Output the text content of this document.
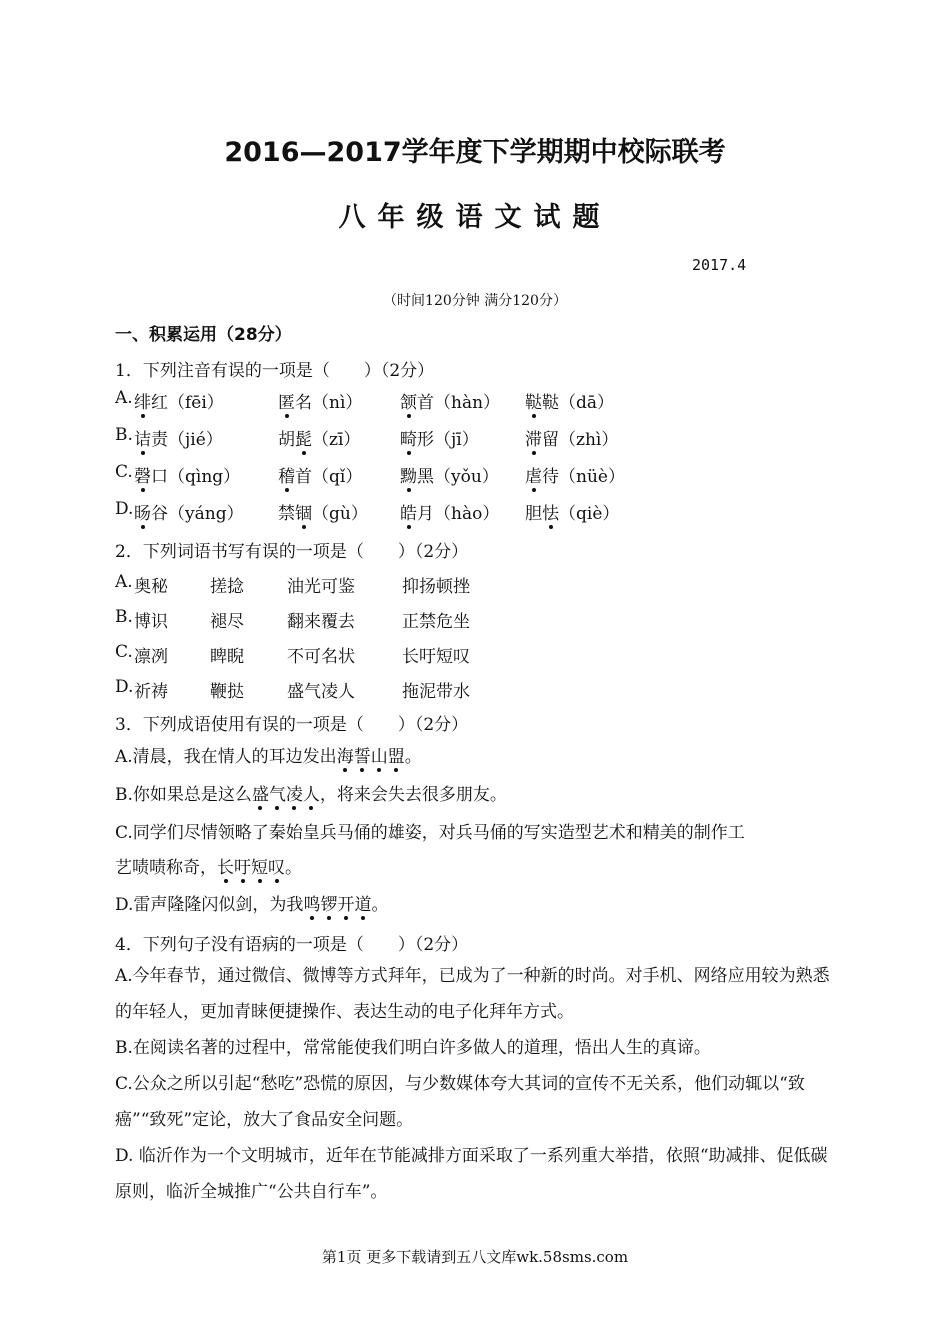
2016—2017学年度下学期期中校际联考
八年级语文试题
2017.4
（时间120分钟 满分120分）
一、积累运用（28分）
1．下列注音有误的一项是（　　）（2分）
A. 绯红（fēi）	匿名（nì） 颔首（hàn） 鞑鞑（dā）
B. 诘责（jié）	胡髭（zī） 畸形（jī）	滞留（zhì）
C. 磬口（qìng） 稽首（qǐ） 黝黑（yǒu） 虐待（nüè）
D. 旸谷（yáng） 禁锢（gù） 皓月（hào） 胆怯（qiè）
2．下列词语书写有误的一项是（　　）（2分）
A. 奥秘 搓捻	油光可鉴	抑扬顿挫
B. 博识 褪尽	翻来覆去	正禁危坐
C. 凛冽 睥睨	不可名状	长吁短叹
D. 祈祷 鞭挞	盛气凌人	拖泥带水
3．下列成语使用有误的一项是（　　）（2分）
A.清晨，我在情人的耳边发出海誓山盟。
B.你如果总是这么盛气凌人，将来会失去很多朋友。
C.同学们尽情领略了秦始皇兵马俑的雄姿，对兵马俑的写实造型艺术和精美的制作工
艺啧啧称奇，长吁短叹。
D.雷声隆隆闪似剑，为我鸣锣开道。
4．下列句子没有语病的一项是（　　）（2分）
A.今年春节，通过微信、微博等方式拜年，已成为了一种新的时尚。对手机、网络应用较为熟悉的年轻人，更加青睐便捷操作、表达生动的电子化拜年方式。
B.在阅读名著的过程中，常常能使我们明白许多做人的道理，悟出人生的真谛。
C.公众之所以引起“愁吃”恐慌的原因，与少数媒体夸大其词的宣传不无关系，他们动辄以“致癌”“致死”定论，放大了食品安全问题。
D. 临沂作为一个文明城市，近年在节能减排方面采取了一系列重大举措，依照“助减排、促低碳原则，临沂全城推广“公共自行车”。
第1页 更多下载请到五八文库wk.58sms.com
